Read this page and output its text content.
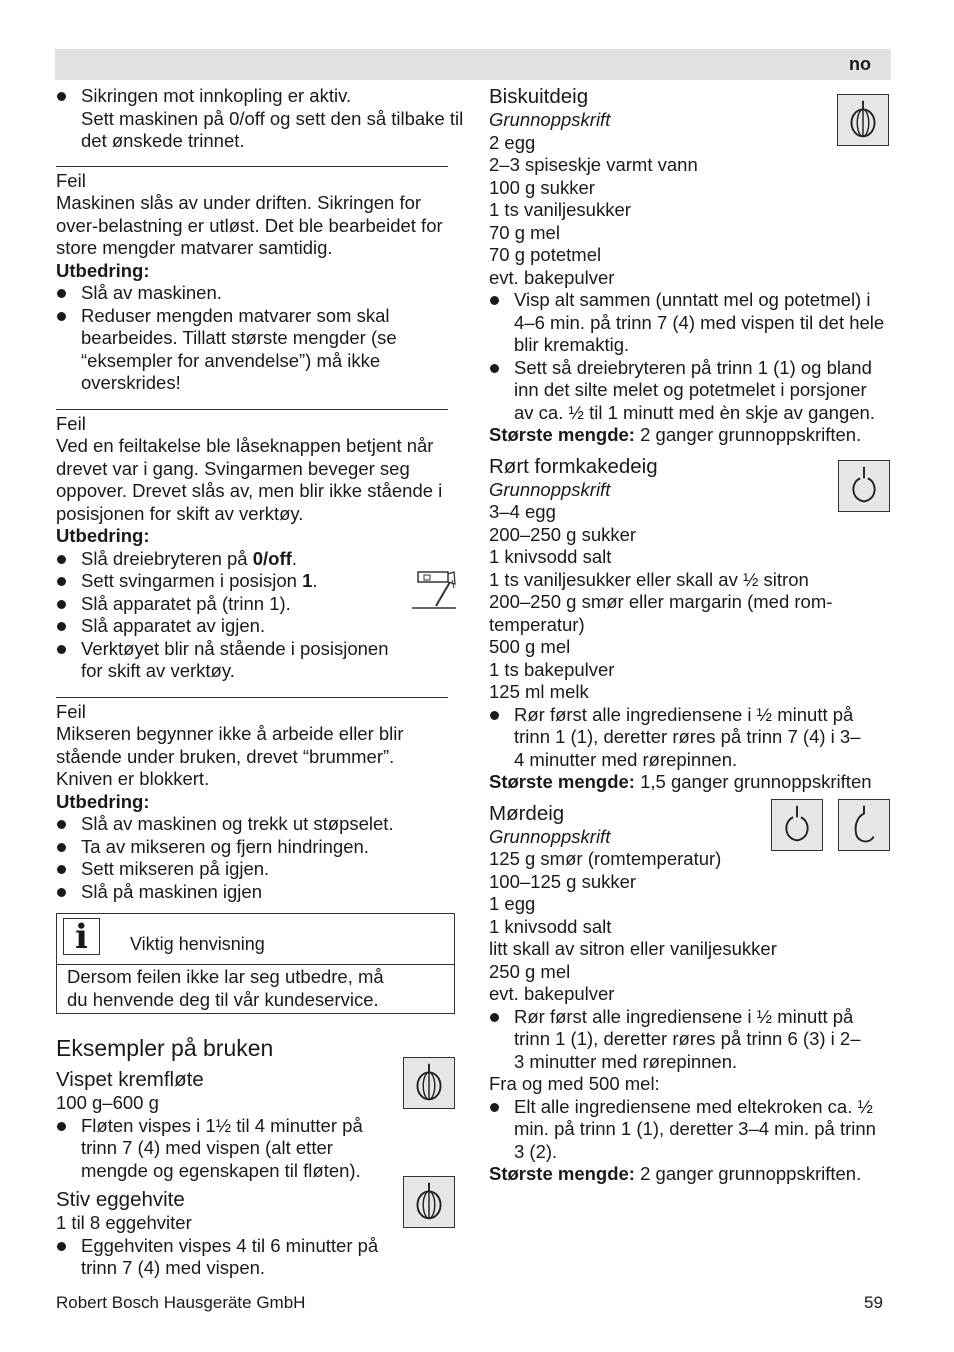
no
Sikringen mot innkopling er aktiv.
Sett maskinen på 0/off og sett den så tilbake til det ønskede trinnet.

Feil

Maskinen slås av under driften. Sikringen for over-belastning er utløst. Det ble bearbeidet for store mengder matvarer samtidig.

Utbedring:

Slå av maskinen.
Reduser mengden matvarer som skal bearbeides. Tillatt største mengder (se “eksempler for anvendelse”) må ikke overskrides!

Feil

Ved en feiltakelse ble låseknappen betjent når drevet var i gang. Svingarmen beveger seg oppover. Drevet slås av, men blir ikke stående i posisjonen for skift av verktøy.

Utbedring:

Slå dreiebryteren på 0/off.
Sett svingarmen i posisjon 1.
Slå apparatet på (trinn 1).
Slå apparatet av igjen.
Verktøyet blir nå stående i posisjonen for skift av verktøy.

Feil

Mikseren begynner ikke å arbeide eller blir stående under bruken, drevet “brummer”. Kniven er blokkert.

Utbedring:

Slå av maskinen og trekk ut støpselet.
Ta av mikseren og fjern hindringen.
Sett mikseren på igjen.
Slå på maskinen igjen
i	Viktig henvisning
Dersom feilen ikke lar seg utbedre, må du henvende deg til vår kundeservice.
Eksempler på bruken
Vispet kremfløte

100 g–600 g

Fløten vispes i 1½ til 4 minutter på trinn 7 (4) med vispen (alt etter mengde og egenskapen til fløten).
Stiv eggehvite

1 til 8 eggehviter

Eggehviten vispes 4 til 6 minutter på trinn 7 (4) med vispen.
Biskuitdeig

Grunnoppskrift

2 egg

2–3 spiseskje varmt vann

100 g sukker

1 ts vaniljesukker

70 g mel

70 g potetmel

evt. bakepulver

Visp alt sammen (unntatt mel og potetmel) i 4–6 min. på trinn 7 (4) med vispen til det hele blir kremaktig.
Sett så dreiebryteren på trinn 1 (1) og bland inn det silte melet og potetmelet i porsjoner av ca. ½ til 1 minutt med èn skje av gangen.

Største mengde: 2 ganger grunnoppskriften.

Rørt formkakedeig

Grunnoppskrift

3–4 egg

200–250 g sukker

1 knivsodd salt

1 ts vaniljesukker eller skall av ½ sitron

200–250 g smør eller margarin (med rom-temperatur)

500 g mel

1 ts bakepulver

125 ml melk

Rør først alle ingrediensene i ½ minutt på trinn 1 (1), deretter røres på trinn 7 (4) i 3–4 minutter med rørepinnen.

Største mengde: 1,5 ganger grunnoppskriften

Mørdeig

Grunnoppskrift

125 g smør (romtemperatur)

100–125 g sukker

1 egg

1 knivsodd salt

litt skall av sitron eller vaniljesukker

250 g mel

evt. bakepulver

Rør først alle ingrediensene i ½ minutt på trinn 1 (1), deretter røres på trinn 6 (3) i 2–3 minutter med rørepinnen.

Fra og med 500 mel:

Elt alle ingrediensene med eltekroken ca. ½ min. på trinn 1 (1), deretter 3–4 min. på trinn 3 (2).

Største mengde: 2 ganger grunnoppskriften.

Robert Bosch Hausgeräte GmbH	59
